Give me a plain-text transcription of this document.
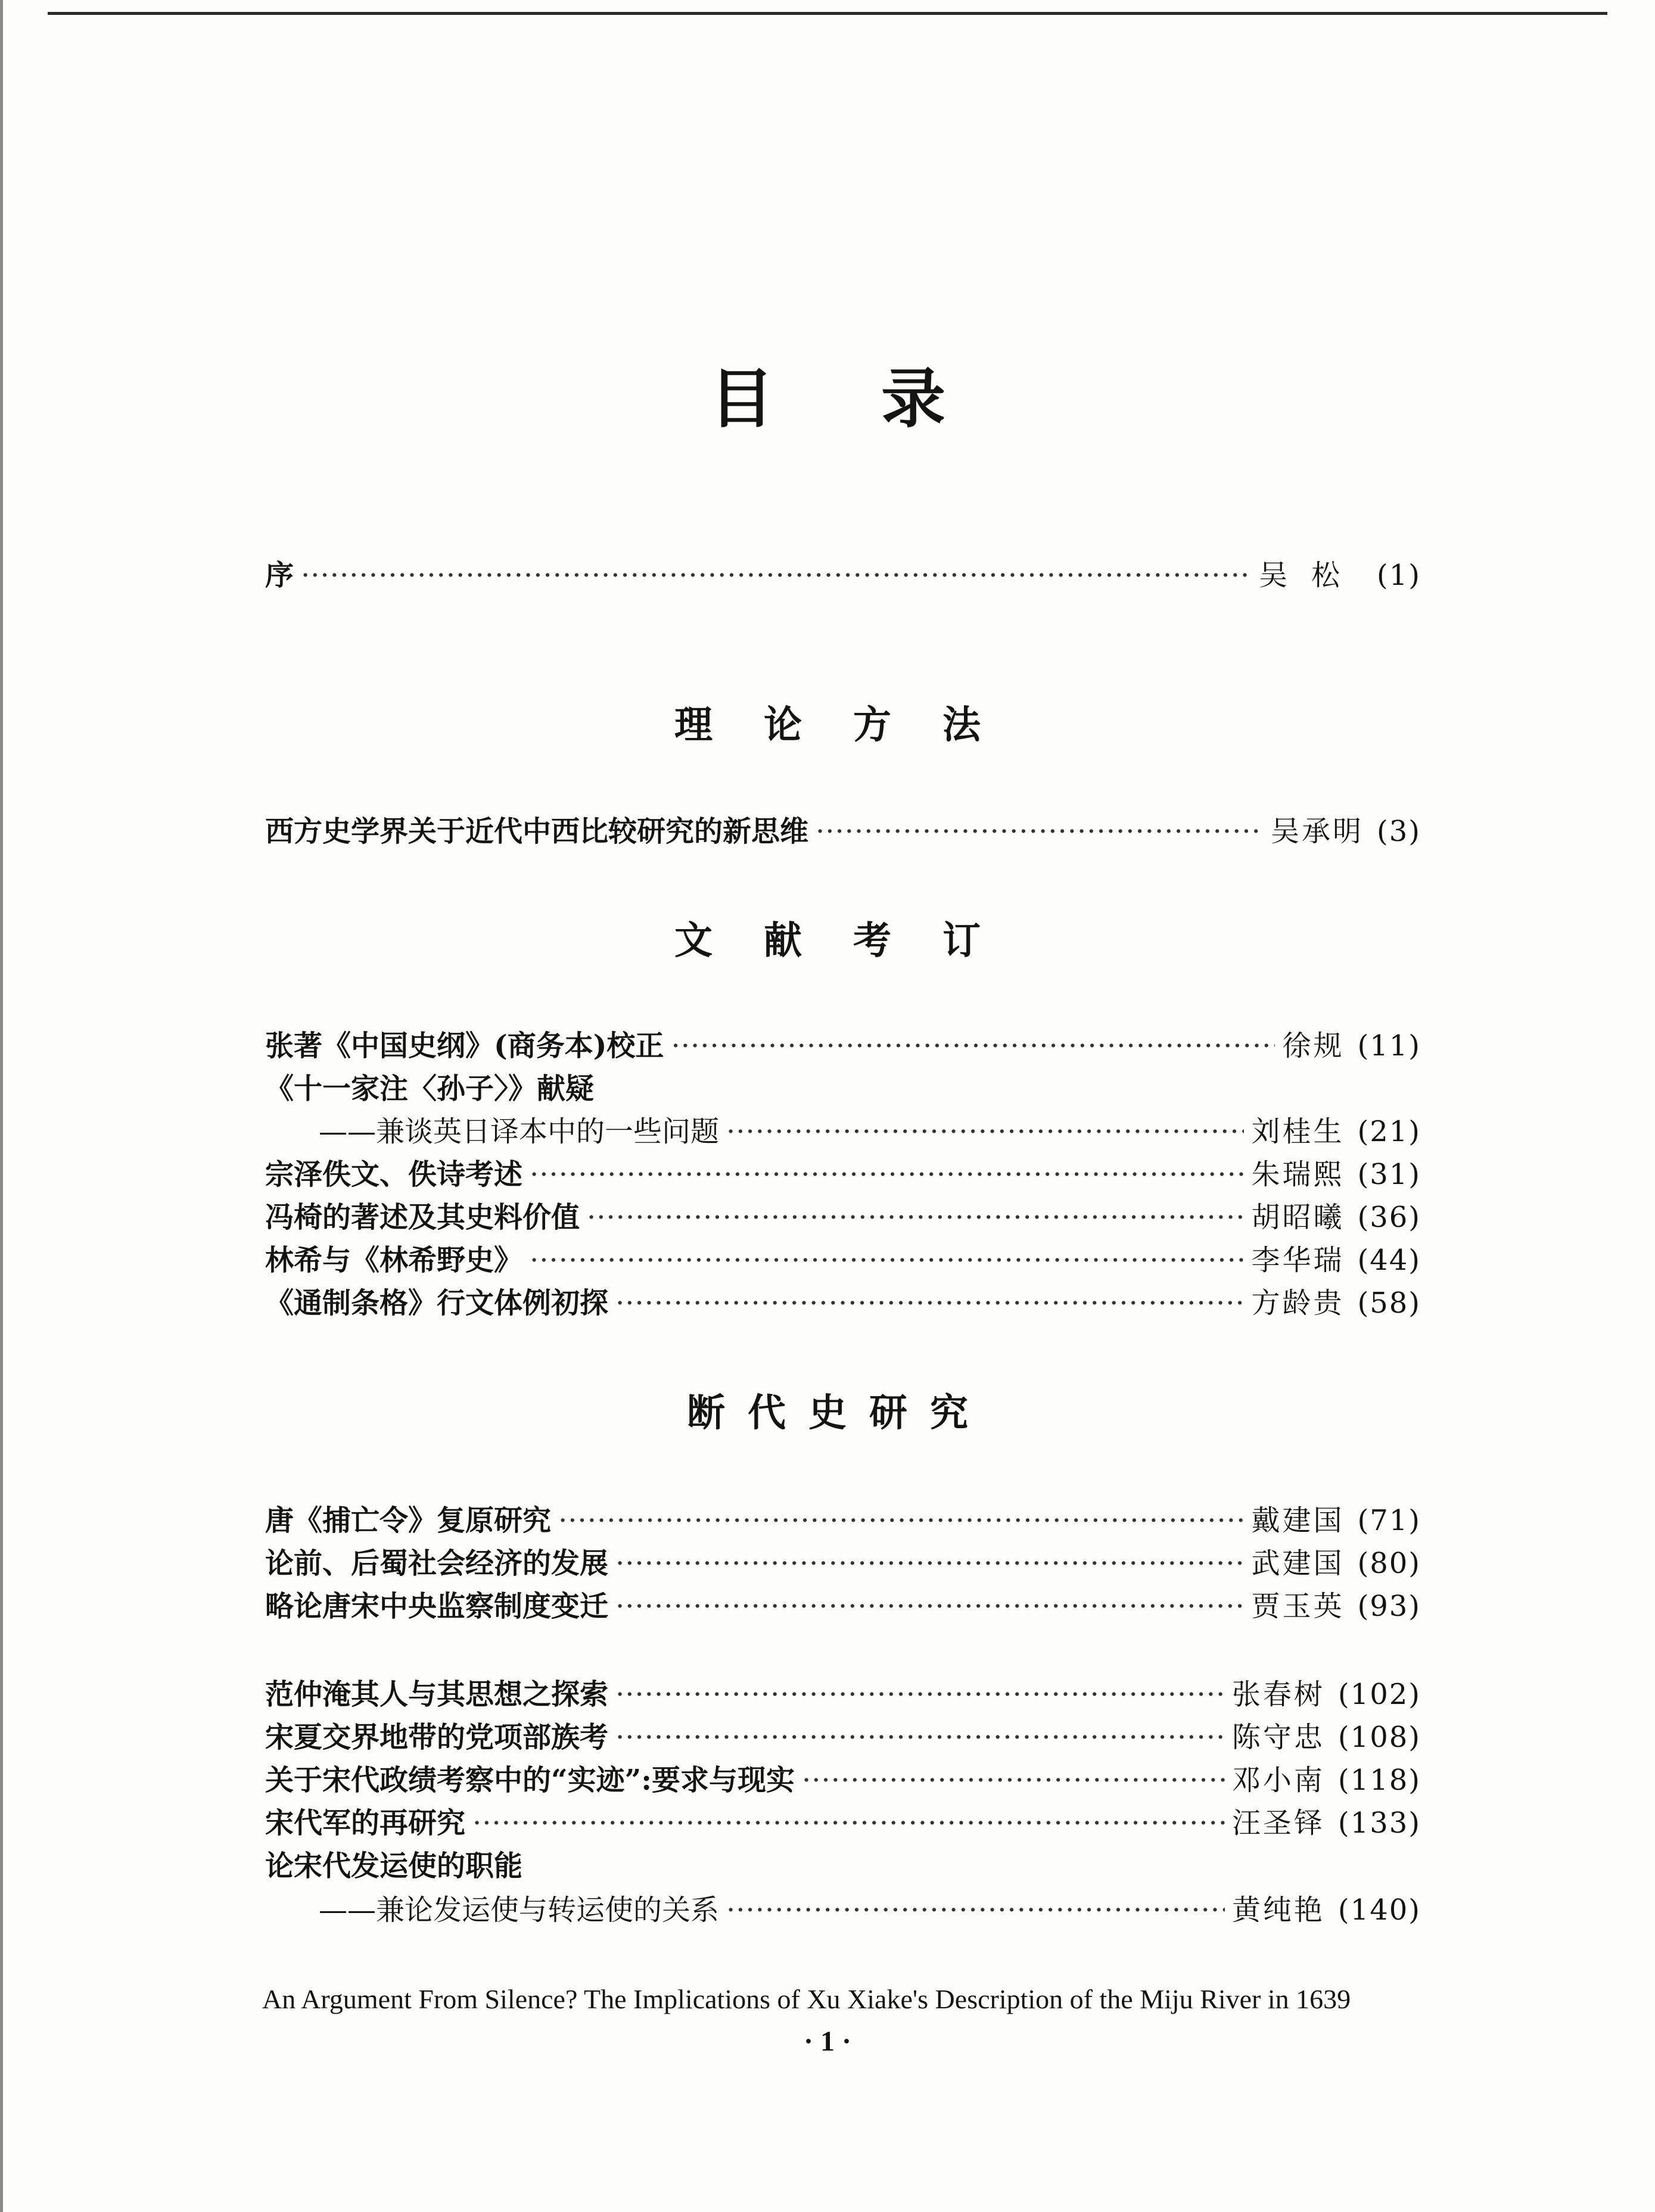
目录
序 ·····	吴松 (1)
理论方法
西方史学界关于近代中西比较研究的新思维 ·····	吴承明 (3)
文献考订
张著《中国史纲》(商务本)校正 ·····	徐规 (11)
《十一家注〈孙子〉》献疑
——兼谈英日译本中的一些问题 ·····	刘桂生 (21)
宗泽佚文、佚诗考述 ·····	朱瑞熙 (31)
冯椅的著述及其史料价值 ·····	胡昭曦 (36)
林希与《林希野史》 ·····	李华瑞 (44)
《通制条格》行文体例初探 ·····	方龄贵 (58)
断代史研究
唐《捕亡令》复原研究 ·····	戴建国 (71)
论前、后蜀社会经济的发展 ·····	武建国 (80)
略论唐宋中央监察制度变迁 ·····	贾玉英 (93)
范仲淹其人与其思想之探索 ·····	张春树 (102)
宋夏交界地带的党项部族考 ·····	陈守忠 (108)
关于宋代政绩考察中的“实迹”:要求与现实 ·····	邓小南 (118)
宋代军的再研究 ·····	汪圣铎 (133)
论宋代发运使的职能
——兼论发运使与转运使的关系 ·····	黄纯艳 (140)
An Argument From Silence? The Implications of Xu Xiake's Description of the Miju River in 1639
· 1 ·
